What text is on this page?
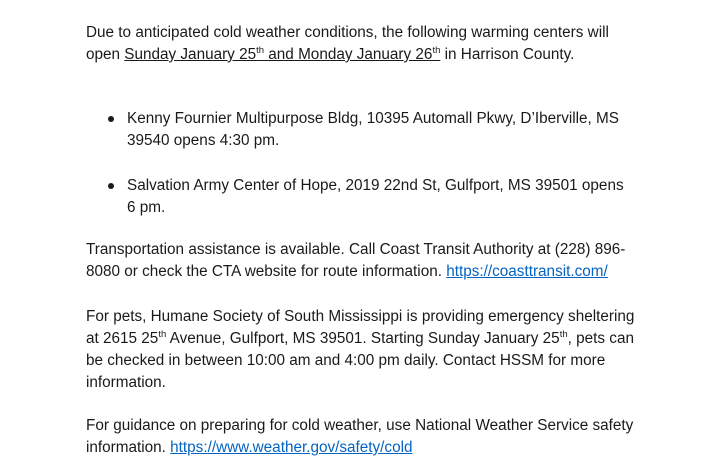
Due to anticipated cold weather conditions, the following warming centers will open Sunday January 25th and Monday January 26th in Harrison County.

Kenny Fournier Multipurpose Bldg, 10395 Automall Pkwy, D’Iberville, MS 39540 opens 4:30 pm.
Salvation Army Center of Hope, 2019 22nd St, Gulfport, MS 39501 opens 6 pm.

Transportation assistance is available. Call Coast Transit Authority at (228) 896-8080 or check the CTA website for route information. https://coasttransit.com/

For pets, Humane Society of South Mississippi is providing emergency sheltering at 2615 25th Avenue, Gulfport, MS 39501. Starting Sunday January 25th, pets can be checked in between 10:00 am and 4:00 pm daily. Contact HSSM for more information.

For guidance on preparing for cold weather, use National Weather Service safety information. https://www.weather.gov/safety/cold
